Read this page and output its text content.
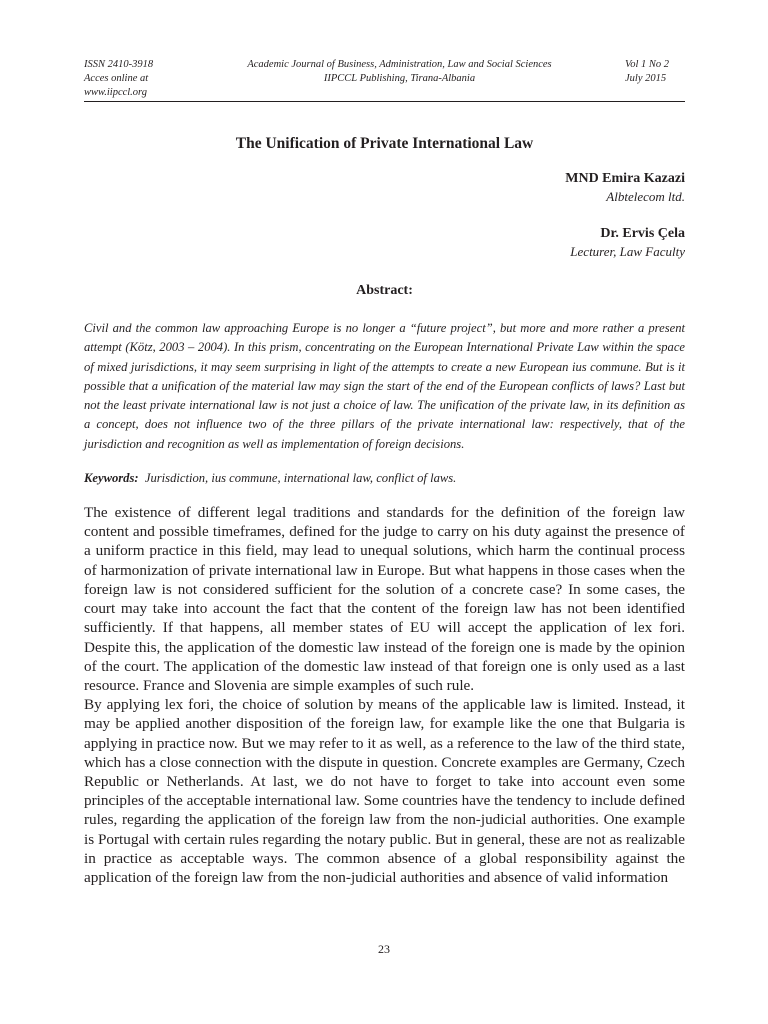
ISSN 2410-3918	Academic Journal of Business, Administration, Law and Social Sciences	Vol 1 No 2
Acces online at www.iipccl.org
IIPCCL Publishing, Tirana-Albania	July 2015
The Unification of Private International Law
MND Emira Kazazi
Albtelecom ltd.
Dr. Ervis Çela
Lecturer, Law Faculty
Abstract:
Civil and the common law approaching Europe is no longer a “future project”, but more and more rather a present attempt (Kötz, 2003 – 2004). In this prism, concentrating on the European International Private Law within the space of mixed jurisdictions, it may seem surprising in light of the attempts to create a new European ius commune. But is it possible that a unification of the material law may sign the start of the end of the European conflicts of laws? Last but not the least private international law is not just a choice of law. The unification of the private law, in its definition as a concept, does not influence two of the three pillars of the private international law: respectively, that of the jurisdiction and recognition as well as implementation of foreign decisions.
Keywords: Jurisdiction, ius commune, international law, conflict of laws.

The existence of different legal traditions and standards for the definition of the foreign law content and possible timeframes, defined for the judge to carry on his duty against the presence of a uniform practice in this field, may lead to unequal solutions, which harm the continual process of harmonization of private international law in Europe. But what happens in those cases when the foreign law is not considered sufficient for the solution of a concrete case? In some cases, the court may take into account the fact that the content of the foreign law has not been identified sufficiently. If that happens, all member states of EU will accept the application of lex fori. Despite this, the application of the domestic law instead of the foreign one is made by the opinion of the court. The application of the domestic law instead of that foreign one is only used as a last resource. France and Slovenia are simple examples of such rule.

By applying lex fori, the choice of solution by means of the applicable law is limited. Instead, it may be applied another disposition of the foreign law, for example like the one that Bulgaria is applying in practice now. But we may refer to it as well, as a reference to the law of the third state, which has a close connection with the dispute in question. Concrete examples are Germany, Czech Republic or Netherlands. At last, we do not have to forget to take into account even some principles of the acceptable international law. Some countries have the tendency to include defined rules, regarding the application of the foreign law from the non-judicial authorities. One example is Portugal with certain rules regarding the notary public. But in general, these are not as realizable in practice as acceptable ways. The common absence of a global responsibility against the application of the foreign law from the non-judicial authorities and absence of valid information

23
